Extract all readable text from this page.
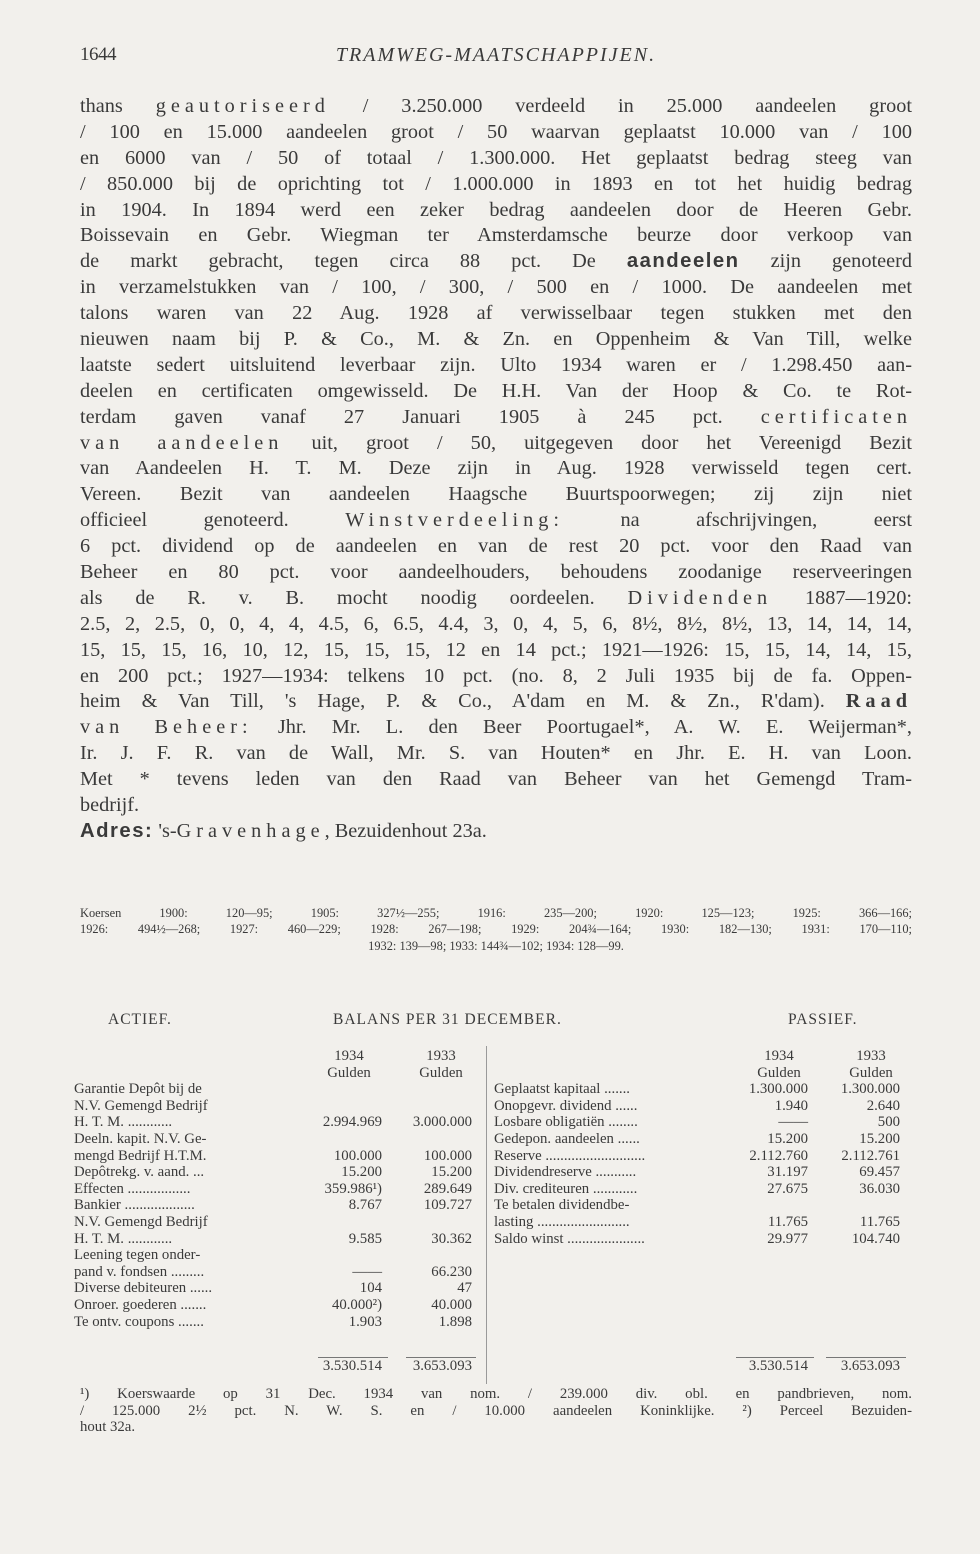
1644	TRAMWEG-MAATSCHAPPIJEN.
thans geautoriseerd / 3.250.000 verdeeld in 25.000 aandeelen groot
/ 100 en 15.000 aandeelen groot / 50 waarvan geplaatst 10.000 van / 100
en 6000 van / 50 of totaal / 1.300.000. Het geplaatst bedrag steeg van
/ 850.000 bij de oprichting tot / 1.000.000 in 1893 en tot het huidig bedrag
in 1904. In 1894 werd een zeker bedrag aandeelen door de Heeren Gebr.
Boissevain en Gebr. Wiegman ter Amsterdamsche beurze door verkoop van
de markt gebracht, tegen circa 88 pct. De aandeelen zijn genoteerd
in verzamelstukken van / 100, / 300, / 500 en / 1000. De aandeelen met
talons waren van 22 Aug. 1928 af verwisselbaar tegen stukken met den
nieuwen naam bij P. & Co., M. & Zn. en Oppenheim & Van Till, welke
laatste sedert uitsluitend leverbaar zijn. Ulto 1934 waren er / 1.298.450 aan-
deelen en certificaten omgewisseld. De H.H. Van der Hoop & Co. te Rot-
terdam gaven vanaf 27 Januari 1905 à 245 pct. certificaten
van aandeelen uit, groot / 50, uitgegeven door het Vereenigd Bezit
van Aandeelen H. T. M. Deze zijn in Aug. 1928 verwisseld tegen cert.
Vereen. Bezit van aandeelen Haagsche Buurtspoorwegen; zij zijn niet
officieel genoteerd. Winstverdeeling: na afschrijvingen, eerst
6 pct. dividend op de aandeelen en van de rest 20 pct. voor den Raad van
Beheer en 80 pct. voor aandeelhouders, behoudens zoodanige reserveeringen
als de R. v. B. mocht noodig oordeelen. Dividenden 1887—1920:
2.5, 2, 2.5, 0, 0, 4, 4, 4.5, 6, 6.5, 4.4, 3, 0, 4, 5, 6, 8½, 8½, 8½, 13, 14, 14, 14,
15, 15, 15, 16, 10, 12, 15, 15, 15, 12 en 14 pct.; 1921—1926: 15, 15, 14, 14, 15,
en 200 pct.; 1927—1934: telkens 10 pct. (no. 8, 2 Juli 1935 bij de fa. Oppen-
heim & Van Till, 's Hage, P. & Co., A'dam en M. & Zn., R'dam). Raad
van Beheer: Jhr. Mr. L. den Beer Poortugael*, A. W. E. Weijerman*,
Ir. J. F. R. van de Wall, Mr. S. van Houten* en Jhr. E. H. van Loon.
Met * tevens leden van den Raad van Beheer van het Gemengd Tram-
bedrijf.
Adres: 's-Gravenhage, Bezuidenhout 23a.
Koersen 1900: 120—95; 1905: 327½—255; 1916: 235—200; 1920: 125—123; 1925: 366—166;
1926: 494½—268; 1927: 460—229; 1928: 267—198; 1929: 204¾—164; 1930: 182—130; 1931: 170—110;
1932: 139—98; 1933: 144¾—102; 1934: 128—99.
ACTIEF.	BALANS PER 31 DECEMBER.	PASSIEF.
1934	1933
Gulden	Gulden
Garantie Depôt bij de
N.V. Gemengd Bedrijf
H. T. M. ............	2.994.969	3.000.000
Deeln. kapit. N.V. Ge-
mengd Bedrijf H.T.M.	100.000	100.000
Depôtrekg. v. aand. ...	15.200	15.200
Effecten .................	359.986¹)	289.649
Bankier ...................	8.767	109.727
N.V. Gemengd Bedrijf
H. T. M. ............	9.585	30.362
Leening tegen onder-
pand v. fondsen .........	——	66.230
Diverse debiteuren ......	104	47
Onroer. goederen .......	40.000²)	40.000
Te ontv. coupons .......	1.903	1.898
3.530.514	3.653.093
1934	1933
Gulden	Gulden
Geplaatst kapitaal .......	1.300.000	1.300.000
Onopgevr. dividend ......	1.940	2.640
Losbare obligatiën ........	——	500
Gedepon. aandeelen ......	15.200	15.200
Reserve ...........................	2.112.760	2.112.761
Dividendreserve ...........	31.197	69.457
Div. crediteuren ............	27.675	36.030
Te betalen dividendbe-
lasting .........................	11.765	11.765
Saldo winst .....................	29.977	104.740
3.530.514	3.653.093
¹) Koerswaarde op 31 Dec. 1934 van nom. / 239.000 div. obl. en pandbrieven, nom.
/ 125.000 2½ pct. N. W. S. en / 10.000 aandeelen Koninklijke. ²) Perceel Bezuiden-
hout 32a.
